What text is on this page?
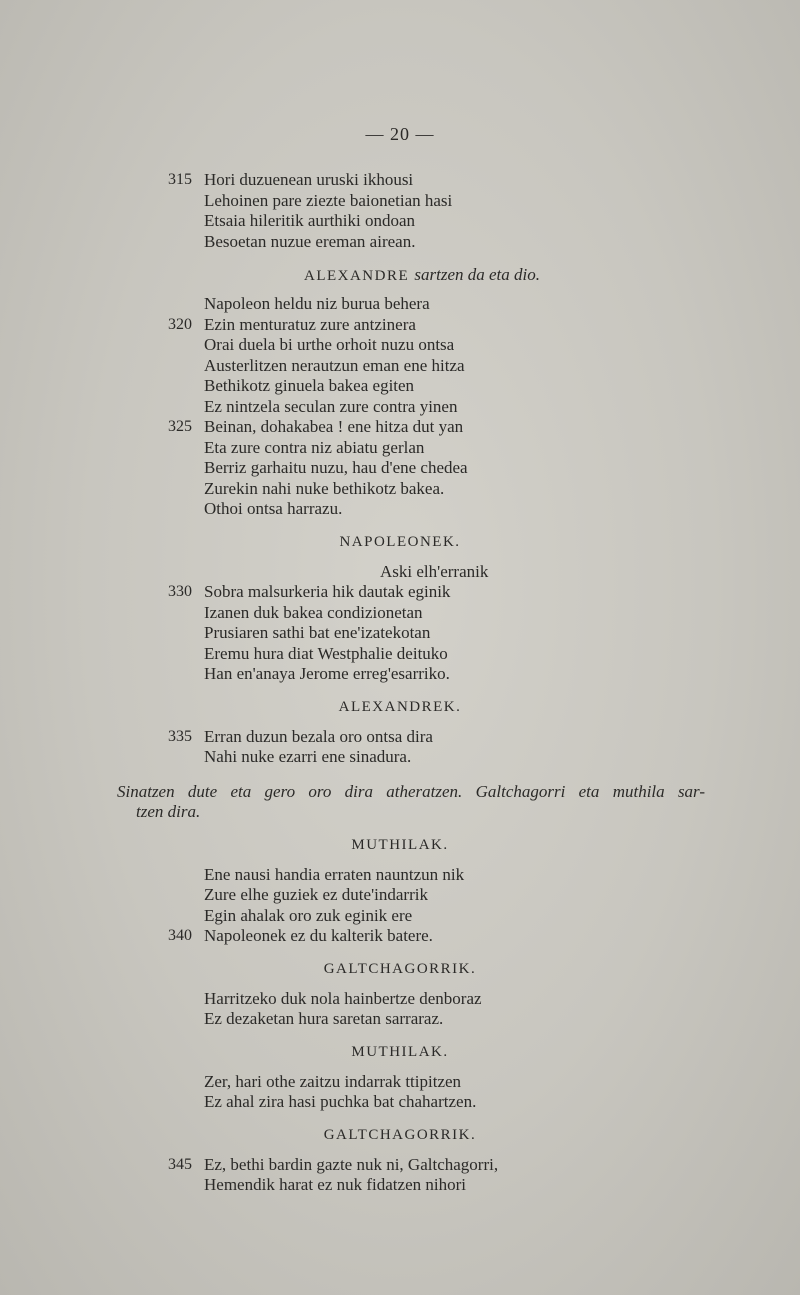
— 20 —
315 Hori duzuenean uruski ikhousi
Lehoinen pare ziezte baionetian hasi
Etsaia hileritik aurthiki ondoan
Besoetan nuzue ereman airean.
ALEXANDRE sartzen da eta dio.
Napoleon heldu niz burua behera
320 Ezin menturatuz zure antzinera
Orai duela bi urthe orhoit nuzu ontsa
Austerlitzen nerautzun eman ene hitza
Bethikotz ginuela bakea egiten
Ez nintzela seculan zure contra yinen
325 Beinan, dohakabea ! ene hitza dut yan
Eta zure contra niz abiatu gerlan
Berriz garhaitu nuzu, hau d'ene chedea
Zurekin nahi nuke bethikotz bakea.
Othoi ontsa harrazu.
NAPOLEONEK.
Aski elh'erranik
330 Sobra malsurkeria hik dautak eginik
Izanen duk bakea condizionetan
Prusiaren sathi bat ene'izatekotan
Eremu hura diat Westphalie deituko
Han en'anaya Jerome erreg'esarriko.
ALEXANDREK.
335 Erran duzun bezala oro ontsa dira
Nahi nuke ezarri ene sinadura.
Sinatzen dute eta gero oro dira atheratzen. Galtchagorri eta muthila sar-
tzen dira.
MUTHILAK.
Ene nausi handia erraten nauntzun nik
Zure elhe guziek ez dute'indarrik
Egin ahalak oro zuk eginik ere
340 Napoleonek ez du kalterik batere.
GALTCHAGORRIK.
Harritzeko duk nola hainbertze denboraz
Ez dezaketan hura saretan sarraraz.
MUTHILAK.
Zer, hari othe zaitzu indarrak ttipitzen
Ez ahal zira hasi puchka bat chahartzen.
GALTCHAGORRIK.
345 Ez, bethi bardin gazte nuk ni, Galtchagorri,
Hemendik harat ez nuk fidatzen nihori
